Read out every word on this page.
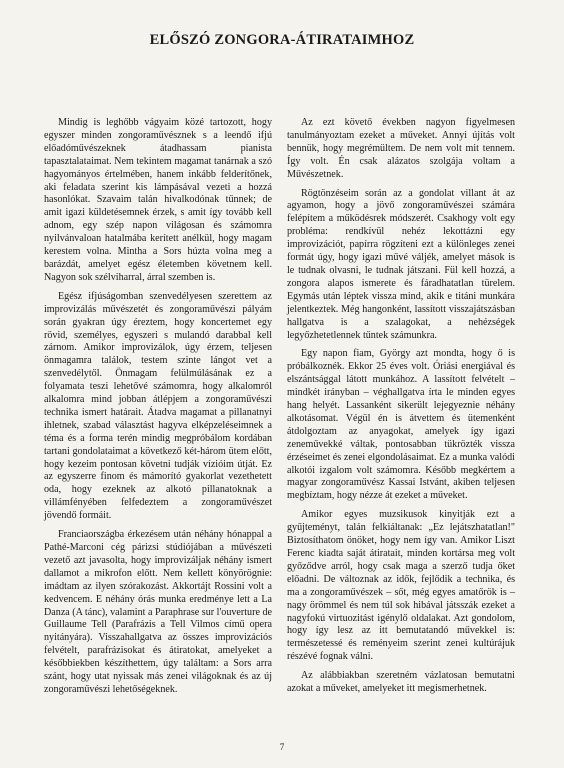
ELŐSZÓ ZONGORA-ÁTIRATAIMHOZ

Mindig is leghőbb vágyaim közé tartozott, hogy egyszer minden zongoraművésznek s a leendő ifjú előadóművészeknek átadhassam pianista tapasztalataimat. Nem tekintem magamat tanárnak a szó hagyományos értelmében, hanem inkább felderítőnek, aki feladata szerint kis lámpásával vezeti a hozzá hasonlókat. Szavaim talán hivalkodónak tűnnek; de amit igazi küldetésemnek érzek, s amit így tovább kell adnom, egy szép napon világosan és számomra nyilvánvaloan hatalmába kerített anélkül, hogy magam kerestem volna. Mintha a Sors húzta volna meg a barázdát, amelyet egész életemben követnem kell. Nagyon sok szélviharral, árral szemben is.

Egész ifjúságomban szenvedélyesen szerettem az improvizálás művészetét és zongoraművészi pályám során gyakran úgy éreztem, hogy koncertemet egy rövid, személyes, egyszeri s mulandó darabbal kell zárnom. Amikor improvizálok, úgy érzem, teljesen önmagamra találok, testem szinte lángot vet a szenvedélytől. Önmagam felülmúlásának ez a folyamata teszi lehetővé számomra, hogy alkalomról alkalomra mind jobban átlépjem a zongoraművészi technika ismert határait. Átadva magamat a pillanatnyi ihletnek, szabad választást hagyva elképzeléseimnek a téma és a forma terén mindig megpróbálom kordában tartani gondolataimat a következő két-három ütem előtt, hogy kezeim pontosan követni tudják vízióim útját. Ez az egyszerre finom és mámorító gyakorlat vezethetett oda, hogy ezeknek az alkotó pillanatoknak a villámfényében felfedeztem a zongoraművészet jövendő formáit.

Franciaországba érkezésem után néhány hónappal a Pathé-Marconi cég párizsi stúdiójában a művészeti vezető azt javasolta, hogy improvizáljak néhány ismert dallamot a mikrofon előtt. Nem kellett könyörögnie: imádtam az ilyen szórakozást. Akkortájt Rossini volt a kedvencem. E néhány órás munka eredménye lett a La Danza (A tánc), valamint a Paraphrase sur l'ouverture de Guillaume Tell (Parafrázis a Tell Vilmos című opera nyitányára). Visszahallgatva az összes improvizációs felvételt, parafrázisokat és átiratokat, amelyeket a későbbiekben készíthettem, úgy találtam: a Sors arra szánt, hogy utat nyissak más zenei világoknak és az új zongoraművészi lehetőségeknek.

Az ezt követő években nagyon figyelmesen tanulmányoztam ezeket a műveket. Annyi újítás volt bennük, hogy megrémültem. De nem volt mit tennem. Így volt. Én csak alázatos szolgája voltam a Művészetnek.

Rögtönzéseim során az a gondolat villant át az agyamon, hogy a jövő zongoraművészei számára felépítem a működésrek módszerét. Csakhogy volt egy probléma: rendkívül nehéz lekottázni egy improvizációt, papírra rögzíteni ezt a különleges zenei formát úgy, hogy igazi művé váljék, amelyet mások is le tudnak olvasni, le tudnak játszani. Fül kell hozzá, a zongora alapos ismerete és fáradhatatlan türelem. Egymás után léptek vissza mind, akik e titáni munkára jelentkeztek. Még hangonként, lassított visszajátszásban hallgatva is a szalagokat, a nehézségek legyőzhetetlennek tűntek számunkra.

Egy napon fiam, György azt mondta, hogy ő is próbálkoznék. Ekkor 25 éves volt. Óriási energiával és elszántsággal látott munkához. A lassított felvételt – mindkét irányban – véghallgatva írta le minden egyes hang helyét. Lassanként sikerült lejegyeznie néhány alkotásomat. Végül én is átvettem és ütemenként átdolgoztam az anyagokat, amelyek így igazi zeneművekké váltak, pontosabban tükrözték vissza érzéseimet és zenei elgondolásaimat. Ez a munka valódi alkotói izgalom volt számomra. Később megkértem a magyar zongoraművész Kassai Istvánt, akiben teljesen megbíztam, hogy nézze át ezeket a műveket.

Amikor egyes muzsikusok kinyitják ezt a gyűjteményt, talán felkiáltanak: „Ez lejátszhatatlan!" Biztosíthatom önöket, hogy nem így van. Amikor Liszt Ferenc kiadta saját átiratait, minden kortársa meg volt győződve arról, hogy csak maga a szerző tudja őket előadni. De változnak az idők, fejlődik a technika, és ma a zongoraművészek – sőt, még egyes amatőrök is – nagy örömmel és nem túl sok hibával játsszák ezeket a nagyfokú virtuozitást igénylő oldalakat. Azt gondolom, hogy így lesz az itt bemutatandó művekkel is: természetessé és reményeim szerint zenei kultúrájuk részévé fognak válni.

Az alábbiakban szeretném vázlatosan bemutatni azokat a műveket, amelyeket itt megismerhetnek.

7
